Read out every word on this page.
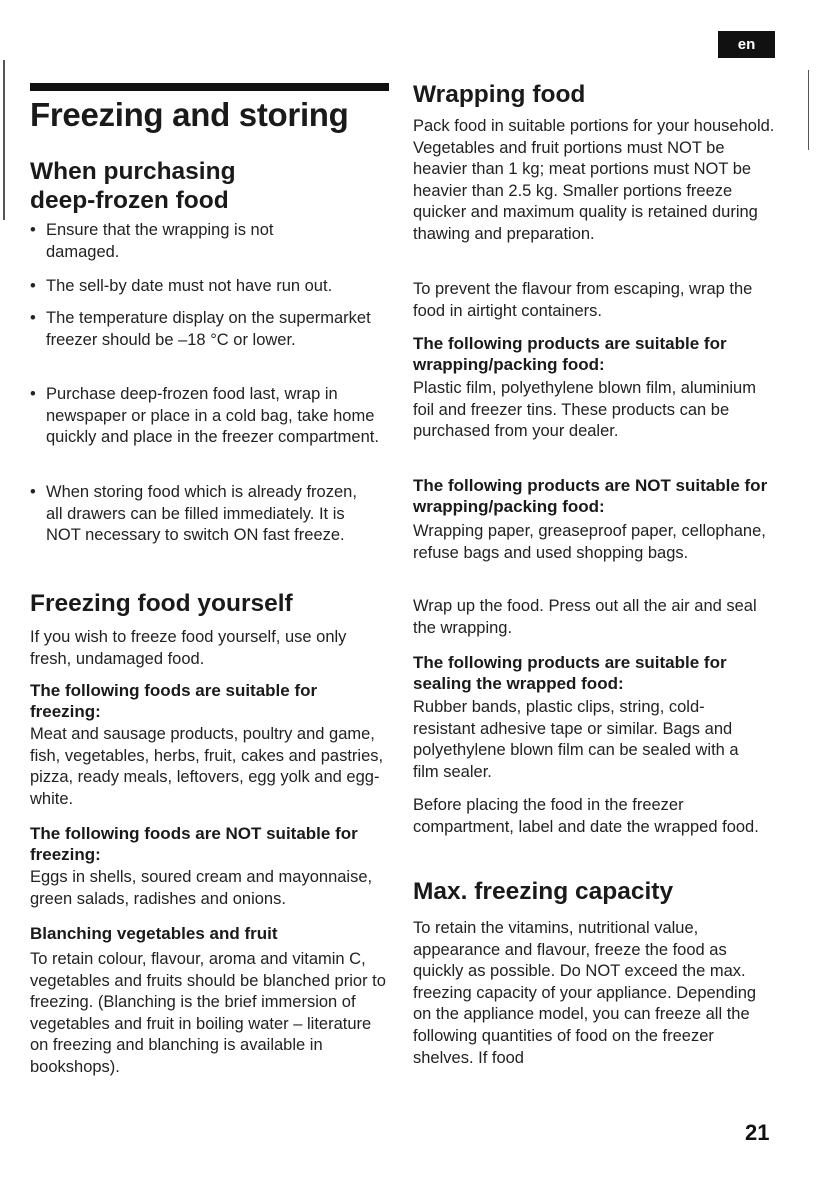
en
Freezing and storing
When purchasing
deep-frozen food

• Ensure that the wrapping is not damaged.

• The sell-by date must not have run out.

• The temperature display on the supermarket freezer should be –18 °C or lower.

• Purchase deep-frozen food last, wrap in newspaper or place in a cold bag, take home quickly and place in the freezer compartment.

• When storing food which is already frozen, all drawers can be filled immediately. It is NOT necessary to switch ON fast freeze.

Freezing food yourself

If you wish to freeze food yourself, use only fresh, undamaged food.

The following foods are suitable for freezing:

Meat and sausage products, poultry and game, fish, vegetables, herbs, fruit, cakes and pastries, pizza, ready meals, leftovers, egg yolk and egg-white.

The following foods are NOT suitable for freezing:

Eggs in shells, soured cream and mayonnaise, green salads, radishes and onions.

Blanching vegetables and fruit

To retain colour, flavour, aroma and vitamin C, vegetables and fruits should be blanched prior to freezing. (Blanching is the brief immersion of vegetables and fruit in boiling water – literature on freezing and blanching is available in bookshops).

Wrapping food

Pack food in suitable portions for your household. Vegetables and fruit portions must NOT be heavier than 1 kg; meat portions must NOT be heavier than 2.5 kg. Smaller portions freeze quicker and maximum quality is retained during thawing and preparation.

To prevent the flavour from escaping, wrap the food in airtight containers.

The following products are suitable for wrapping/packing food:

Plastic film, polyethylene blown film, aluminium foil and freezer tins. These products can be purchased from your dealer.

The following products are NOT suitable for wrapping/packing food:

Wrapping paper, greaseproof paper, cellophane, refuse bags and used shopping bags.

Wrap up the food. Press out all the air and seal the wrapping.

The following products are suitable for sealing the wrapped food:

Rubber bands, plastic clips, string, cold-resistant adhesive tape or similar. Bags and polyethylene blown film can be sealed with a film sealer.

Before placing the food in the freezer compartment, label and date the wrapped food.

Max. freezing capacity

To retain the vitamins, nutritional value, appearance and flavour, freeze the food as quickly as possible. Do NOT exceed the max. freezing capacity of your appliance. Depending on the appliance model, you can freeze all the following quantities of food on the freezer shelves. If food

21
